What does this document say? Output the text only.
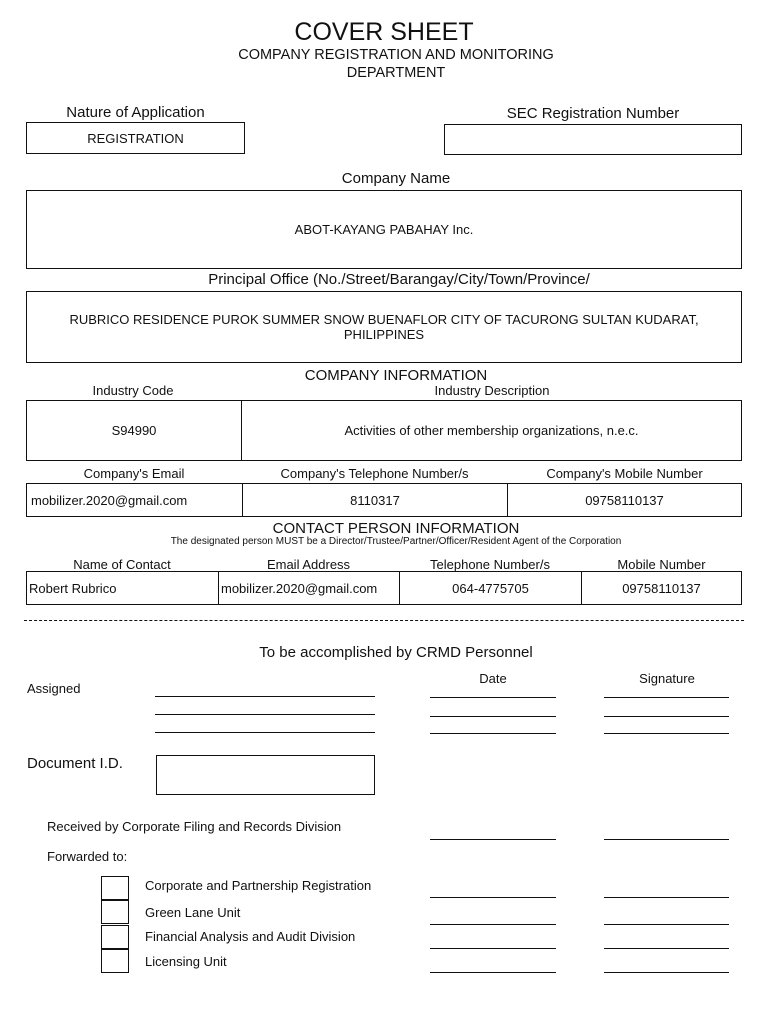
COVER SHEET
COMPANY REGISTRATION AND MONITORING
DEPARTMENT
Nature of Application
REGISTRATION
SEC Registration Number
Company Name
ABOT-KAYANG PABAHAY Inc.
Principal Office (No./Street/Barangay/City/Town/Province/
RUBRICO RESIDENCE PUROK SUMMER SNOW BUENAFLOR CITY OF TACURONG SULTAN KUDARAT,
PHILIPPINES
COMPANY INFORMATION
Industry Code	Industry Description
S94990	Activities of other membership organizations, n.e.c.
Company's Email	Company's Telephone Number/s	Company's Mobile Number
mobilizer.2020@gmail.com	8110317	09758110137
CONTACT PERSON INFORMATION
The designated person MUST be a Director/Trustee/Partner/Officer/Resident Agent of the Corporation
Name of Contact	Email Address	Telephone Number/s	Mobile Number
Robert Rubrico	mobilizer.2020@gmail.com	064-4775705	09758110137
To be accomplished by CRMD Personnel
Date	Signature
Assigned
Document I.D.
Received by Corporate Filing and Records Division
Forwarded to:
Corporate and Partnership Registration
Green Lane Unit
Financial Analysis and Audit Division
Licensing Unit
